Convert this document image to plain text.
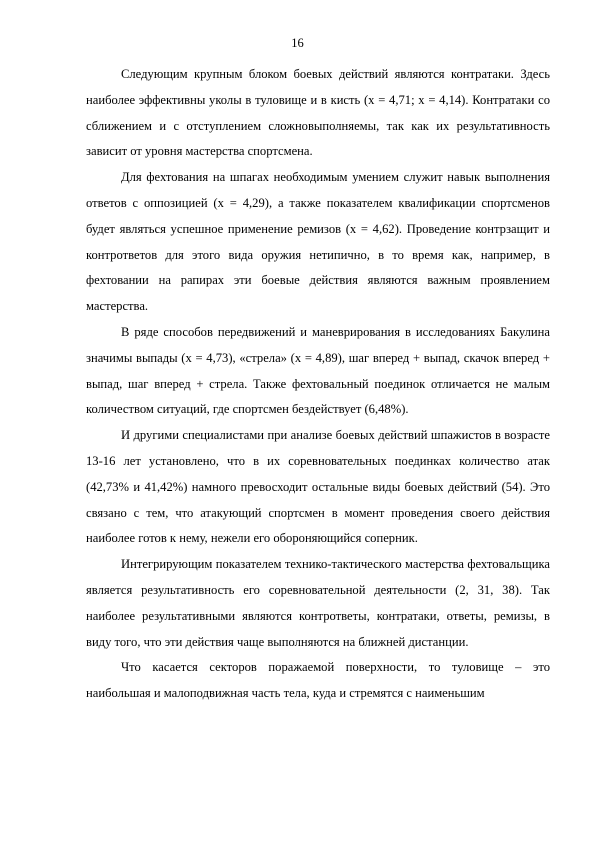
16

Следующим крупным блоком боевых действий являются контратаки. Здесь наиболее эффективны уколы в туловище и в кисть (x = 4,71; x = 4,14). Контратаки со сближением и с отступлением сложновыполняемы, так как их результативность зависит от уровня мастерства спортсмена.

Для фехтования на шпагах необходимым умением служит навык выполнения ответов с оппозицией (x = 4,29), а также показателем квалификации спортсменов будет являться успешное применение ремизов (x = 4,62). Проведение контрзащит и контрответов для этого вида оружия нетипично, в то время как, например, в фехтовании на рапирах эти боевые действия являются важным проявлением мастерства.

В ряде способов передвижений и маневрирования в исследованиях Бакулина значимы выпады (x = 4,73), «стрела» (x = 4,89), шаг вперед + выпад, скачок вперед + выпад, шаг вперед + стрела. Также фехтовальный поединок отличается не малым количеством ситуаций, где спортсмен бездействует (6,48%).

И другими специалистами при анализе боевых действий шпажистов в возрасте 13-16 лет установлено, что в их соревновательных поединках количество атак (42,73% и 41,42%) намного превосходит остальные виды боевых действий (54). Это связано с тем, что атакующий спортсмен в момент проведения своего действия наиболее готов к нему, нежели его обороняющийся соперник.

Интегрирующим показателем технико-тактического мастерства фехтовальщика является результативность его соревновательной деятельности (2, 31, 38). Так наиболее результативными являются контрответы, контратаки, ответы, ремизы, в виду того, что эти действия чаще выполняются на ближней дистанции.

Что касается секторов поражаемой поверхности, то туловище – это наибольшая и малоподвижная часть тела, куда и стремятся с наименьшим
